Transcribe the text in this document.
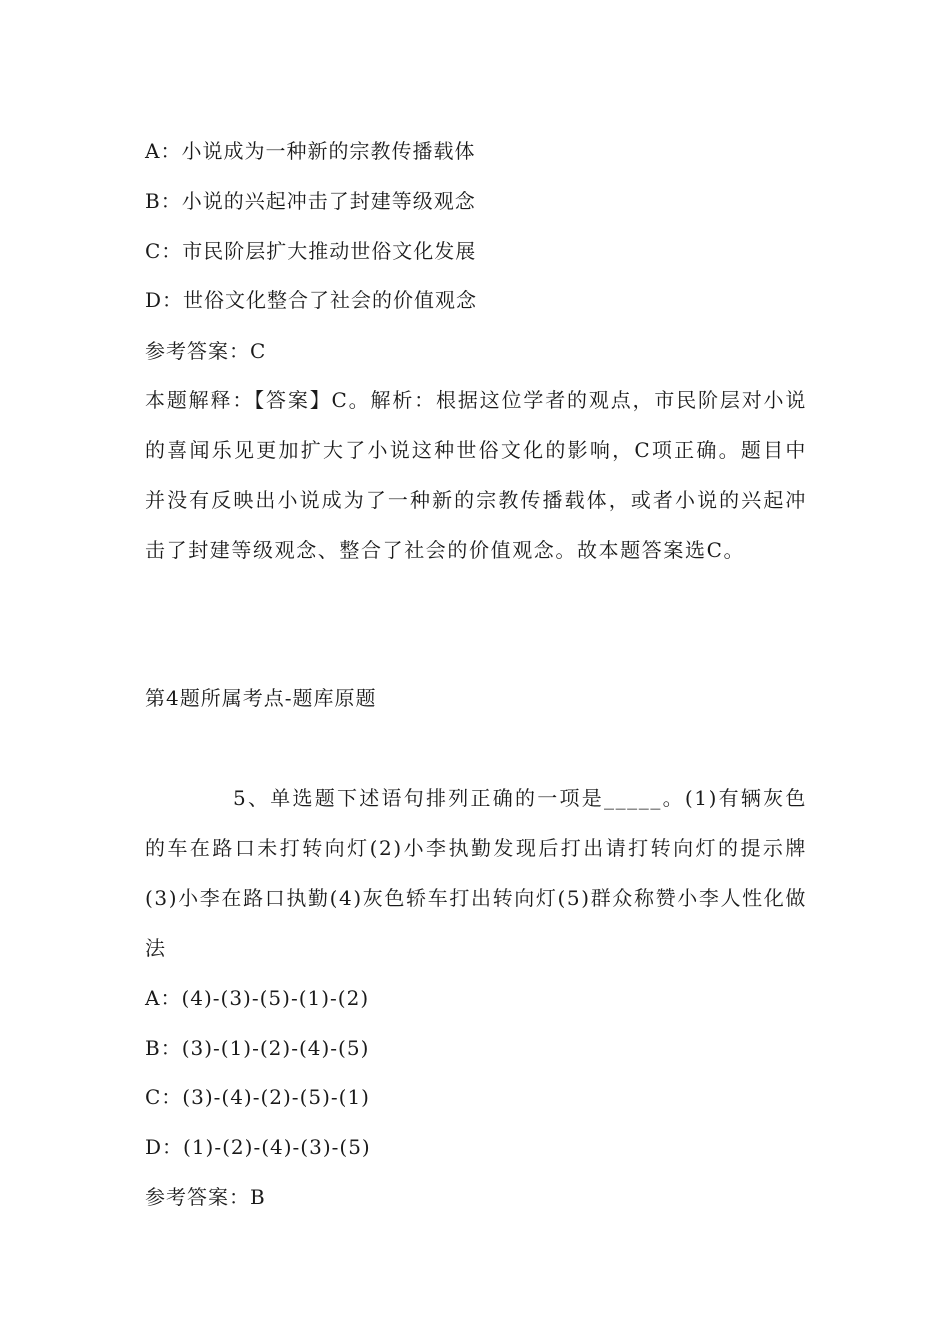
A：小说成为一种新的宗教传播载体
B：小说的兴起冲击了封建等级观念
C：市民阶层扩大推动世俗文化发展
D：世俗文化整合了社会的价值观念
参考答案：C
本题解释：【答案】C。解析：根据这位学者的观点，市民阶层对小说的喜闻乐见更加扩大了小说这种世俗文化的影响，C项正确。题目中并没有反映出小说成为了一种新的宗教传播载体，或者小说的兴起冲击了封建等级观念、整合了社会的价值观念。故本题答案选C。
第4题所属考点-题库原题
5、单选题下述语句排列正确的一项是_____。(1)有辆灰色的车在路口未打转向灯(2)小李执勤发现后打出请打转向灯的提示牌(3)小李在路口执勤(4)灰色轿车打出转向灯(5)群众称赞小李人性化做法
A：(4)-(3)-(5)-(1)-(2)
B：(3)-(1)-(2)-(4)-(5)
C：(3)-(4)-(2)-(5)-(1)
D：(1)-(2)-(4)-(3)-(5)
参考答案：B
